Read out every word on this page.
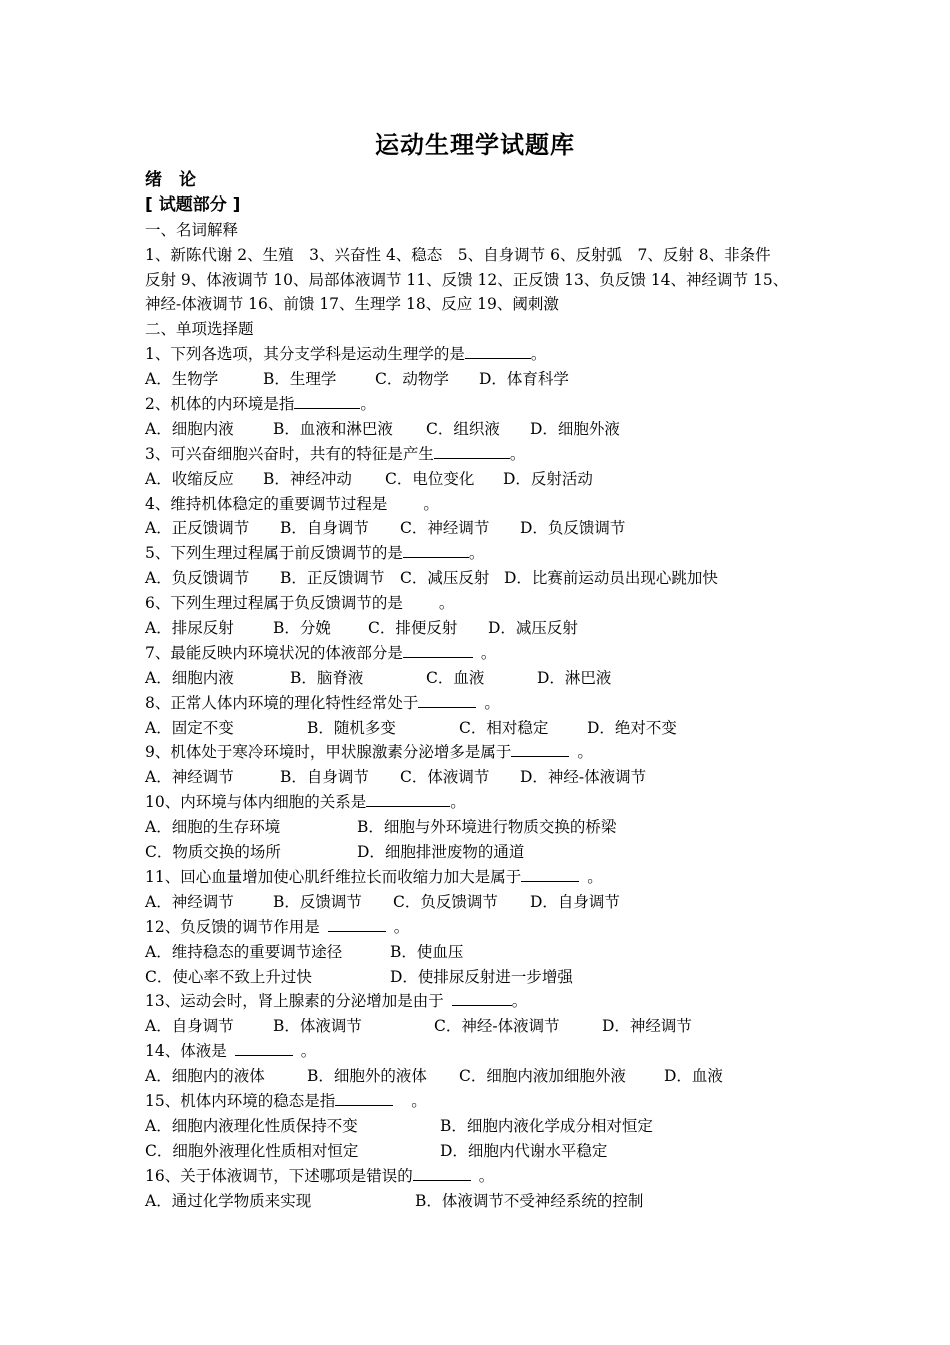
运动生理学试题库
绪　论
[ 试题部分 ]
一、名词解释
1、新陈代谢 2、生殖　3、兴奋性 4、稳态　5、自身调节 6、反射弧　7、反射 8、非条件
反射 9、体液调节 10、局部体液调节 11、反馈 12、正反馈 13、负反馈 14、神经调节 15、
神经-体液调节 16、前馈 17、生理学 18、反应 19、阈刺激
二、单项选择题
1、下列各选项，其分支学科是运动生理学的是	。
A．生物学	B．生理学 C．动物学 D．体育科学
2、机体的内环境是指	。
A．细胞内液	B．血液和淋巴液 C．组织液 D．细胞外液
3、可兴奋细胞兴奋时，共有的特征是产生	。
A．收缩反应 B．神经冲动 C．电位变化 D．反射活动
4、维持机体稳定的重要调节过程是 。
A．正反馈调节 B．自身调节 C．神经调节 D．负反馈调节
5、下列生理过程属于前反馈调节的是	。
A．负反馈调节 B．正反馈调节 C．减压反射 D．比赛前运动员出现心跳加快
6、下列生理过程属于负反馈调节的是 。
A．排尿反射	B．分娩 C．排便反射 D．减压反射
7、最能反映内环境状况的体液部分是	。
A．细胞内液	B．脑脊液	C．血液	D．淋巴液
8、正常人体内环境的理化特性经常处于	。
A．固定不变	B．随机多变	C．相对稳定 D．绝对不变
9、机体处于寒冷环境时，甲状腺激素分泌增多是属于	。
A．神经调节	B．自身调节 C．体液调节 D．神经-体液调节
10、内环境与体内细胞的关系是	。
A．细胞的生存环境	B．细胞与外环境进行物质交换的桥梁
C．物质交换的场所	D．细胞排泄废物的通道
11、回心血量增加使心肌纤维拉长而收缩力加大是属于	。
A．神经调节	B．反馈调节 C．负反馈调节 D．自身调节
12、负反馈的调节作用是	。
A．维持稳态的重要调节途径	B．使血压
C．使心率不致上升过快	D．使排尿反射进一步增强
13、运动会时，肾上腺素的分泌增加是由于	。
A．自身调节	B．体液调节	C．神经-体液调节	D．神经调节
14、体液是	。
A．细胞内的液体	B．细胞外的液体 C．细胞内液加细胞外液 D．血液
15、机体内环境的稳态是指	。
A．细胞内液理化性质保持不变	B．细胞内液化学成分相对恒定
C．细胞外液理化性质相对恒定	D．细胞内代谢水平稳定
16、关于体液调节，下述哪项是错误的	。
A．通过化学物质来实现	B．体液调节不受神经系统的控制
